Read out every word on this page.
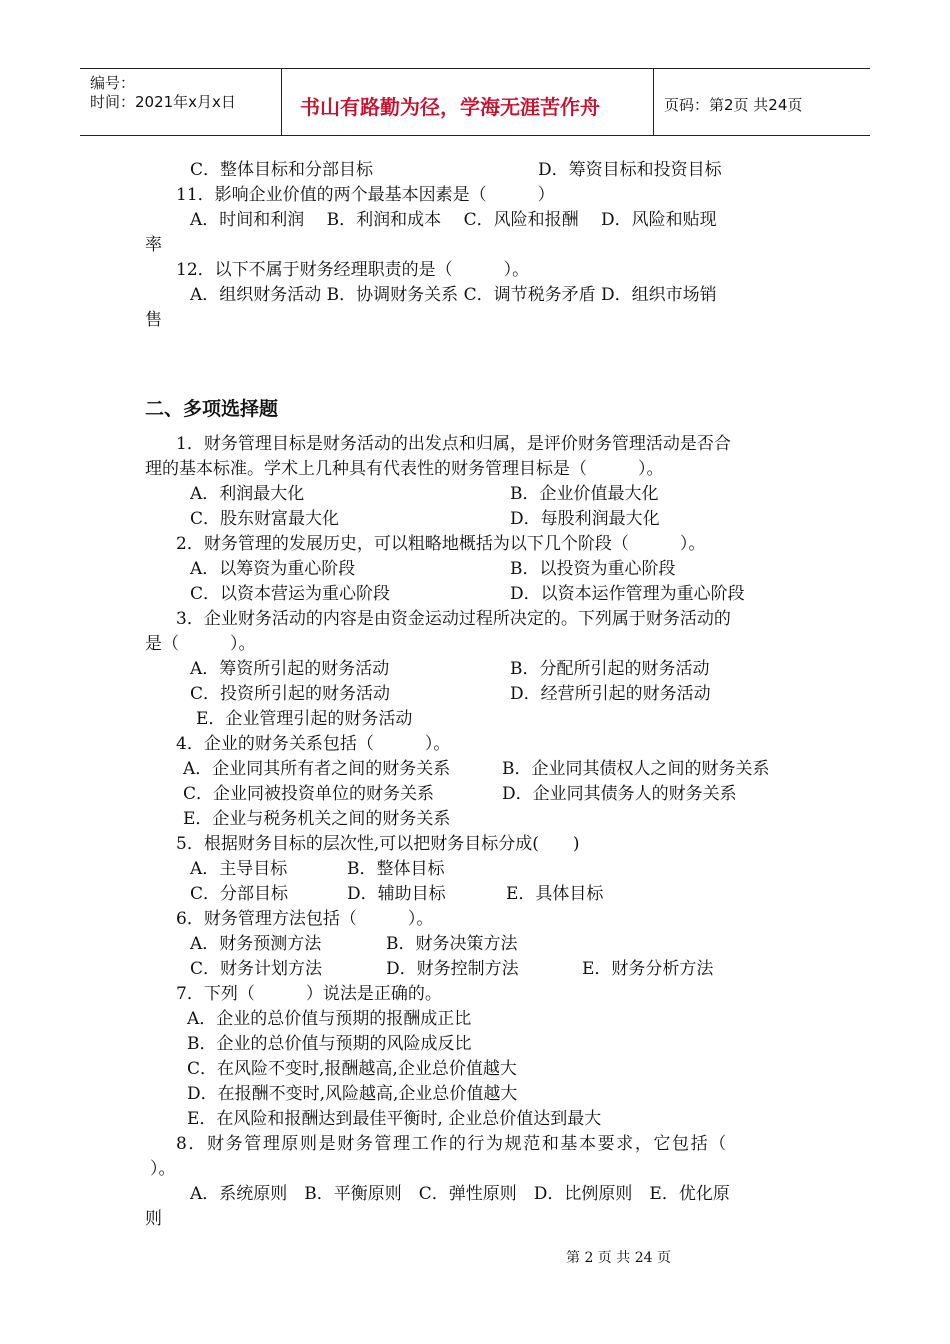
编号：
时间：2021年x月x日	书山有路勤为径，学海无涯苦作舟	页码：第2页 共24页
C．整体目标和分部目标	D．筹资目标和投资目标
11．影响企业价值的两个最基本因素是（　　　）
A．时间和利润　 B．利润和成本　 C．风险和报酬　 D．风险和贴现
率
12．以下不属于财务经理职责的是（　　　）。
A．组织财务活动 B．协调财务关系 C．调节税务矛盾 D．组织市场销
售
二、多项选择题
1．财务管理目标是财务活动的出发点和归属，是评价财务管理活动是否合
理的基本标准。学术上几种具有代表性的财务管理目标是（　　　）。
A．利润最大化	B．企业价值最大化
C．股东财富最大化	D．每股利润最大化
2．财务管理的发展历史，可以粗略地概括为以下几个阶段（　　　）。
A．以筹资为重心阶段	B．以投资为重心阶段
C．以资本营运为重心阶段	D．以资本运作管理为重心阶段
3．企业财务活动的内容是由资金运动过程所决定的。下列属于财务活动的
是（　　　）。
A．筹资所引起的财务活动	B．分配所引起的财务活动
C．投资所引起的财务活动	D．经营所引起的财务活动
E．企业管理引起的财务活动
4．企业的财务关系包括（　　　）。
A．企业同其所有者之间的财务关系	B．企业同其债权人之间的财务关系
C．企业同被投资单位的财务关系	D．企业同其债务人的财务关系
E．企业与税务机关之间的财务关系
5．根据财务目标的层次性,可以把财务目标分成(　　)
A．主导目标	B．整体目标
C．分部目标	D．辅助目标	E．具体目标
6．财务管理方法包括（　　　）。
A．财务预测方法	B．财务决策方法
C．财务计划方法	D．财务控制方法	E．财务分析方法
7．下列（　　　）说法是正确的。
A．企业的总价值与预期的报酬成正比
B．企业的总价值与预期的风险成反比
C．在风险不变时,报酬越高,企业总价值越大
D．在报酬不变时,风险越高,企业总价值越大
E．在风险和报酬达到最佳平衡时, 企业总价值达到最大
8．财务管理原则是财务管理工作的行为规范和基本要求，它包括（
）。
A．系统原则　B．平衡原则　C．弹性原则　D．比例原则　E．优化原
则
第 2 页 共 24 页
